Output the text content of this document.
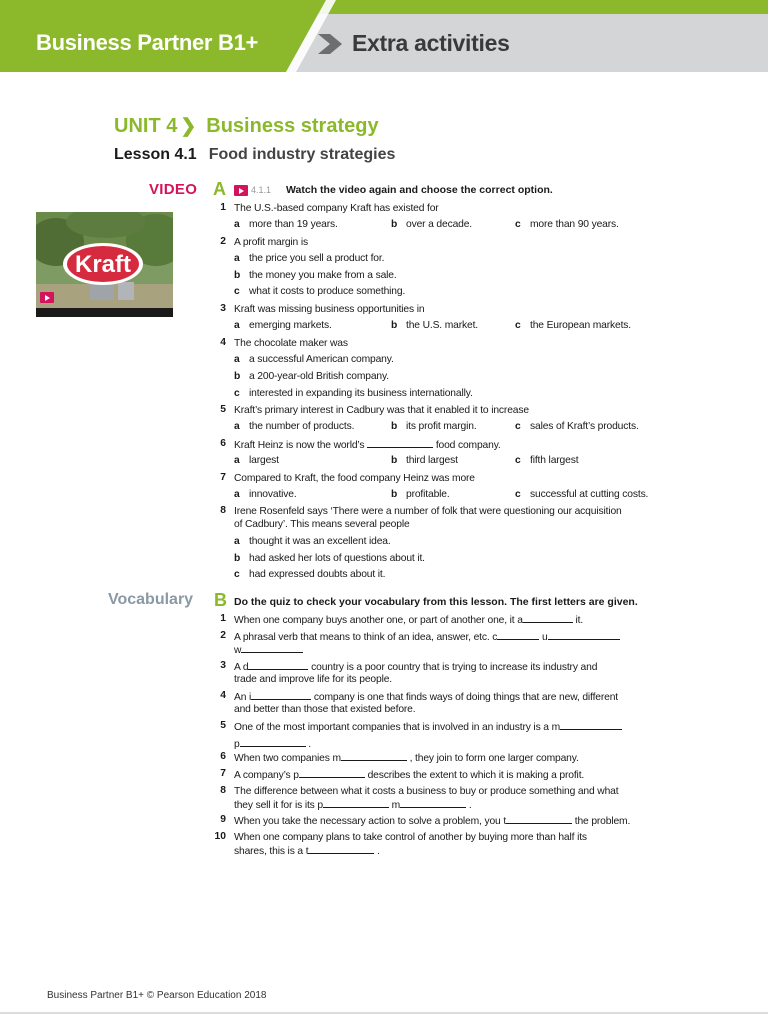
Business Partner B1+	Extra activities
UNIT 4 ❯ Business strategy
Lesson 4.1 Food industry strategies
VIDEO A	4.1.1 Watch the video again and choose the correct option.
Kraft
1 The U.S.-based company Kraft has existed for
a more than 19 years.	b over a decade.	c more than 90 years.
2 A profit margin is
a the price you sell a product for.
b the money you make from a sale.
c what it costs to produce something.
3 Kraft was missing business opportunities in
a emerging markets.	b the U.S. market.	c the European markets.
4 The chocolate maker was
a a successful American company.
b a 200-year-old British company.
c interested in expanding its business internationally.
5 Kraft’s primary interest in Cadbury was that it enabled it to increase
a the number of products.	b its profit margin.	c sales of Kraft’s products.
6 Kraft Heinz is now the world’s	food company.
a largest	b third largest	c fifth largest
7 Compared to Kraft, the food company Heinz was more
a innovative.	b profitable.	c successful at cutting costs.
8 Irene Rosenfeld says ‘There were a number of folk that were questioning our acquisition
of Cadbury’. This means several people
a thought it was an excellent idea.
b had asked her lots of questions about it.
c had expressed doubts about it.
Vocabulary B Do the quiz to check your vocabulary from this lesson. The first letters are given.
1 When one company buys another one, or part of another one, it a	it.
2 A phrasal verb that means to think of an idea, answer, etc. c	u
w
3 A d	country is a poor country that is trying to increase its industry and
trade and improve life for its people.
4 An i	company is one that finds ways of doing things that are new, different
and better than those that existed before.
5 One of the most important companies that is involved in an industry is a m
p	.
6 When two companies m	, they join to form one larger company.
7 A company’s p	describes the extent to which it is making a profit.
8 The difference between what it costs a business to buy or produce something and what
they sell it for is its p	m	.
9 When you take the necessary action to solve a problem, you t	the problem.
10 When one company plans to take control of another by buying more than half its
shares, this is a t	.
Business Partner B1+ © Pearson Education 2018
